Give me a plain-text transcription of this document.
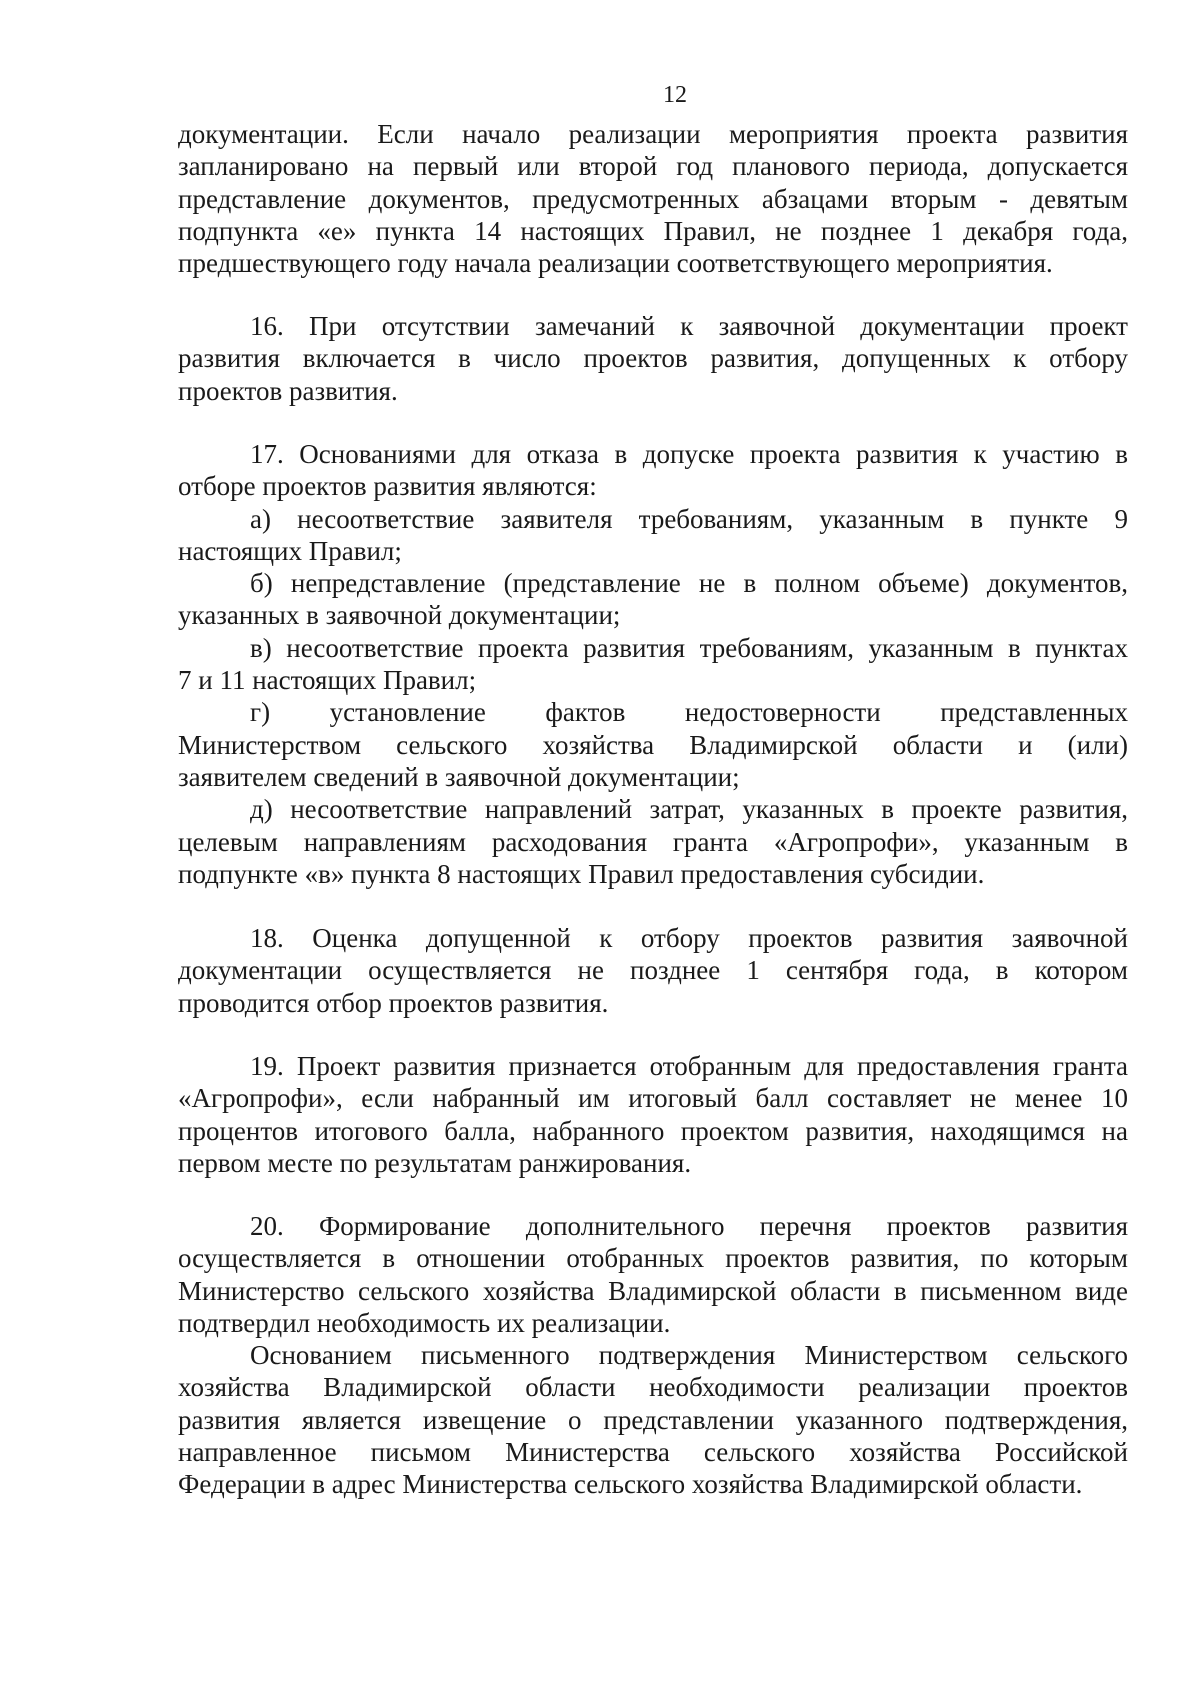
12
документации. Если начало реализации мероприятия проекта развития
запланировано на первый или второй год планового периода, допускается
представление документов, предусмотренных абзацами вторым - девятым
подпункта «е» пункта 14 настоящих Правил, не позднее 1 декабря года,
предшествующего году начала реализации соответствующего мероприятия.
16. При отсутствии замечаний к заявочной документации проект
развития включается в число проектов развития, допущенных к отбору
проектов развития.
17. Основаниями для отказа в допуске проекта развития к участию в
отборе проектов развития являются:
а) несоответствие заявителя требованиям, указанным в пункте 9
настоящих Правил;
б) непредставление (представление не в полном объеме) документов,
указанных в заявочной документации;
в) несоответствие проекта развития требованиям, указанным в пунктах
7 и 11 настоящих Правил;
г) установление фактов недостоверности представленных
Министерством сельского хозяйства Владимирской области и (или)
заявителем сведений в заявочной документации;
д) несоответствие направлений затрат, указанных в проекте развития,
целевым направлениям расходования гранта «Агропрофи», указанным в
подпункте «в» пункта 8 настоящих Правил предоставления субсидии.
18. Оценка допущенной к отбору проектов развития заявочной
документации осуществляется не позднее 1 сентября года, в котором
проводится отбор проектов развития.
19. Проект развития признается отобранным для предоставления гранта
«Агропрофи», если набранный им итоговый балл составляет не менее 10
процентов итогового балла, набранного проектом развития, находящимся на
первом месте по результатам ранжирования.
20. Формирование дополнительного перечня проектов развития
осуществляется в отношении отобранных проектов развития, по которым
Министерство сельского хозяйства Владимирской области в письменном виде
подтвердил необходимость их реализации.
Основанием письменного подтверждения Министерством сельского
хозяйства Владимирской области необходимости реализации проектов
развития является извещение о представлении указанного подтверждения,
направленное письмом Министерства сельского хозяйства Российской
Федерации в адрес Министерства сельского хозяйства Владимирской области.
